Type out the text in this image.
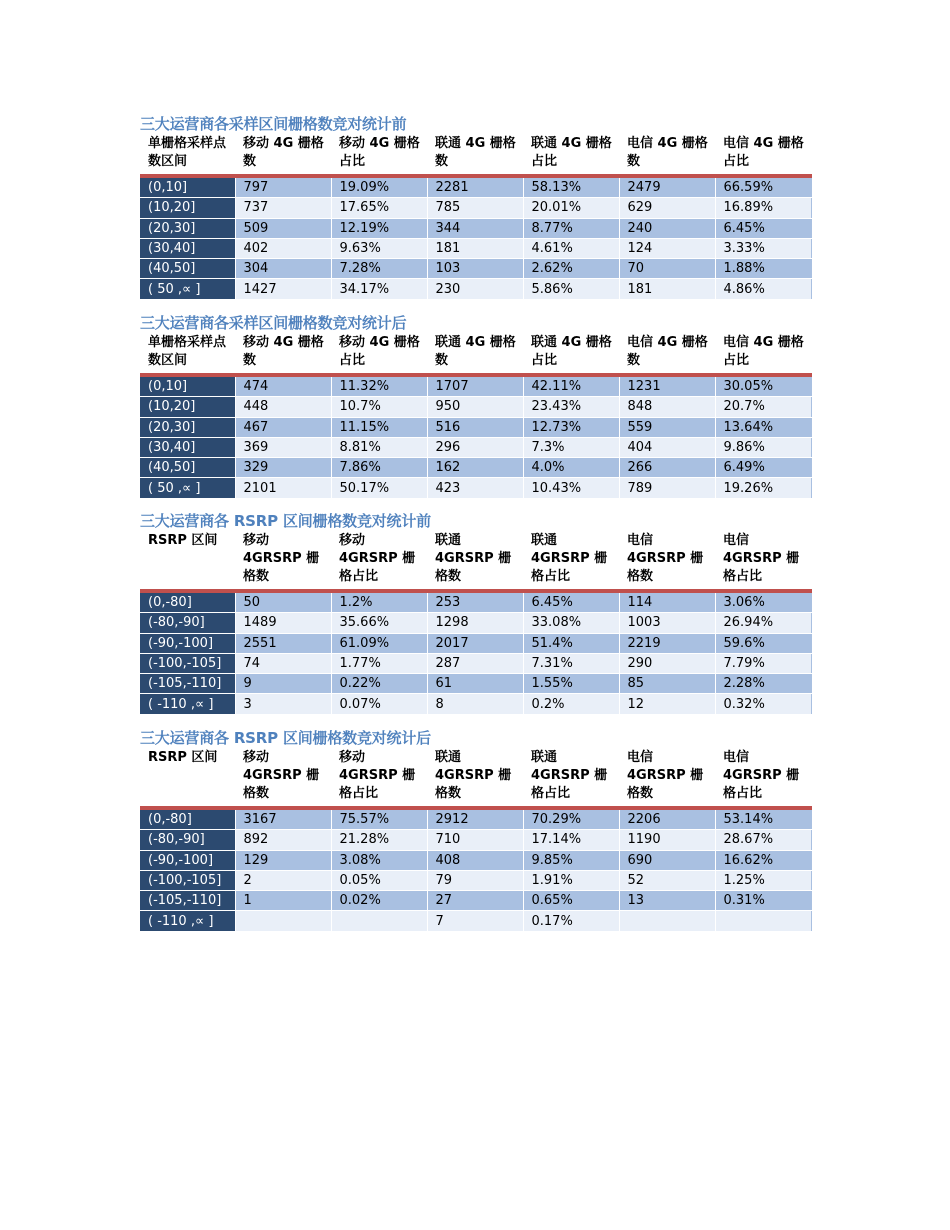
三大运营商各采样区间栅格数竞对统计前
单栅格采样点数区间	移动 4G 栅格数	移动 4G 栅格占比	联通 4G 栅格数	联通 4G 栅格占比	电信 4G 栅格数	电信 4G 栅格占比
(0,10]	797	19.09%	2281	58.13%	2479	66.59%
(10,20]	737	17.65%	785	20.01%	629	16.89%
(20,30]	509	12.19%	344	8.77%	240	6.45%
(30,40]	402	9.63%	181	4.61%	124	3.33%
(40,50]	304	7.28%	103	2.62%	70	1.88%
( 50 ,∝ ]	1427	34.17%	230	5.86%	181	4.86%
三大运营商各采样区间栅格数竞对统计后
单栅格采样点数区间	移动 4G 栅格数	移动 4G 栅格占比	联通 4G 栅格数	联通 4G 栅格占比	电信 4G 栅格数	电信 4G 栅格占比
(0,10]	474	11.32%	1707	42.11%	1231	30.05%
(10,20]	448	10.7%	950	23.43%	848	20.7%
(20,30]	467	11.15%	516	12.73%	559	13.64%
(30,40]	369	8.81%	296	7.3%	404	9.86%
(40,50]	329	7.86%	162	4.0%	266	6.49%
( 50 ,∝ ]	2101	50.17%	423	10.43%	789	19.26%
三大运营商各 RSRP 区间栅格数竞对统计前
RSRP 区间	移动 4GRSRP 栅格数	移动 4GRSRP 栅格占比	联通 4GRSRP 栅格数	联通 4GRSRP 栅格占比	电信 4GRSRP 栅格数	电信 4GRSRP 栅格占比
(0,-80]	50	1.2%	253	6.45%	114	3.06%
(-80,-90]	1489	35.66%	1298	33.08%	1003	26.94%
(-90,-100]	2551	61.09%	2017	51.4%	2219	59.6%
(-100,-105]	74	1.77%	287	7.31%	290	7.79%
(-105,-110]	9	0.22%	61	1.55%	85	2.28%
( -110 ,∝ ]	3	0.07%	8	0.2%	12	0.32%
三大运营商各 RSRP 区间栅格数竞对统计后
RSRP 区间	移动 4GRSRP 栅格数	移动 4GRSRP 栅格占比	联通 4GRSRP 栅格数	联通 4GRSRP 栅格占比	电信 4GRSRP 栅格数	电信 4GRSRP 栅格占比
(0,-80]	3167	75.57%	2912	70.29%	2206	53.14%
(-80,-90]	892	21.28%	710	17.14%	1190	28.67%
(-90,-100]	129	3.08%	408	9.85%	690	16.62%
(-100,-105]	2	0.05%	79	1.91%	52	1.25%
(-105,-110]	1	0.02%	27	0.65%	13	0.31%
( -110 ,∝ ]			7	0.17%		
